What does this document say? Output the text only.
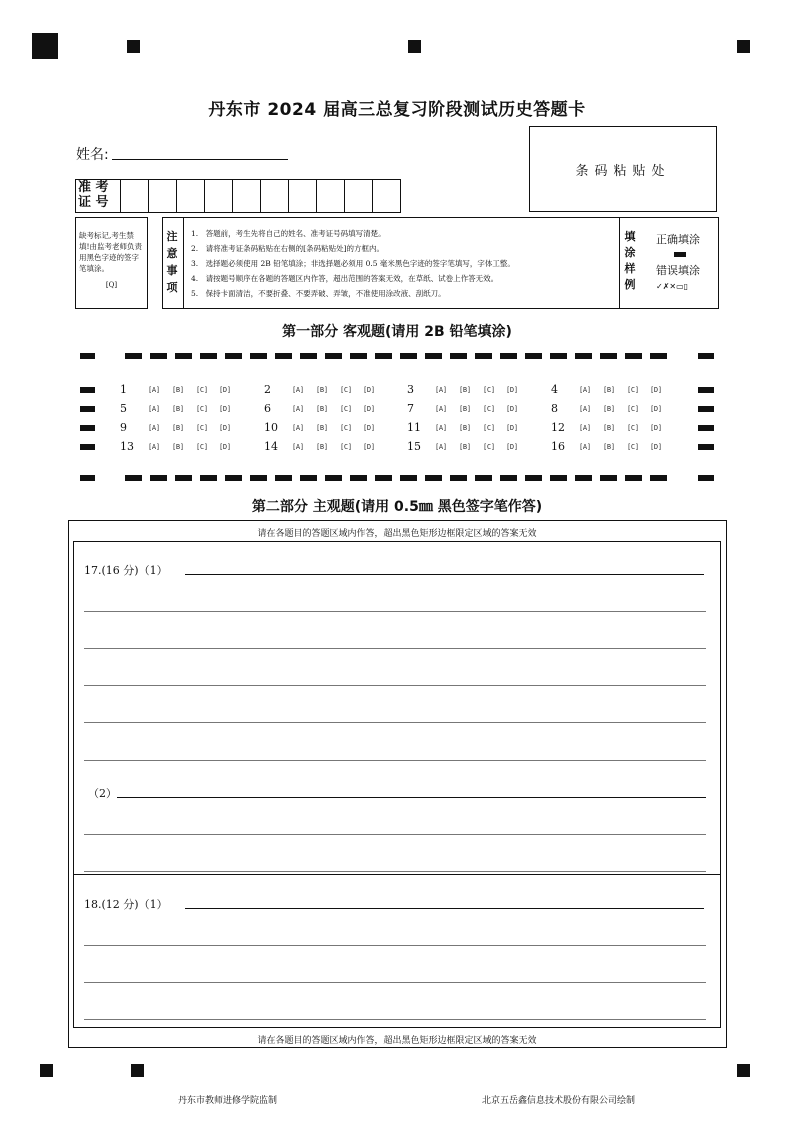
丹东市 2024 届高三总复习阶段测试历史答题卡
姓名:
条码粘贴处

准 考
证 号
缺考标记,考生禁填!由监考老师负责用黑色字迹的签字笔填涂。
[Q]
注
意
事
项
1.　答题前，考生先将自己的姓名、准考证号码填写清楚。
2.　请将准考证条码粘贴在右侧的[条码粘贴处]的方框内。
3.　选择题必须使用 2B 铅笔填涂；非选择题必须用 0.5 毫米黑色字迹的签字笔填写，字体工整。
4.　请按题号顺序在各题的答题区内作答，超出范围的答案无效，在草纸、试卷上作答无效。
5.　保持卡面清洁，不要折叠、不要弄破、弄皱，不准使用涂改液、刮纸刀。
填
涂
样
例
正确填涂
错误填涂
✓✗✕▭▯
第一部分 客观题(请用 2B 铅笔填涂)
1	[A] [B] [C] [D]	2	[A] [B] [C] [D]	3	[A] [B] [C] [D]	4	[A] [B] [C] [D]
5	[A] [B] [C] [D]	6	[A] [B] [C] [D]	7	[A] [B] [C] [D]	8	[A] [B] [C] [D]
9	[A] [B] [C] [D]	10 [A] [B] [C] [D]	11 [A] [B] [C] [D]	12 [A] [B] [C] [D]
13 [A] [B] [C] [D]	14 [A] [B] [C] [D]	15 [A] [B] [C] [D]	16 [A] [B] [C] [D]
第二部分 主观题(请用 0.5㎜ 黑色签字笔作答)
请在各题目的答题区域内作答，超出黑色矩形边框限定区域的答案无效
17.(16 分)（1）
（2）
18.(12 分)（1）
请在各题目的答题区域内作答，超出黑色矩形边框限定区域的答案无效
丹东市教师进修学院监制	北京五岳鑫信息技术股份有限公司绘制
